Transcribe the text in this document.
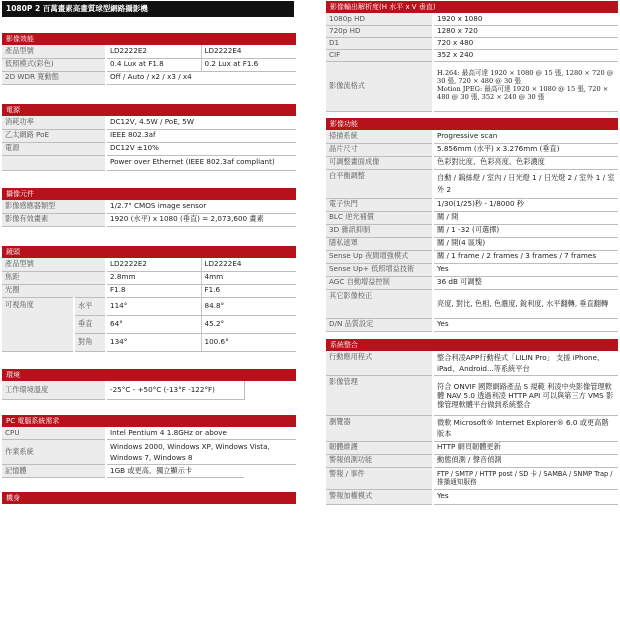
1080P 2 百萬畫素高畫質球型網路攝影機
影像效能
產品型號	LD2222E2	LD2222E4
低照模式(彩色)	0.4 Lux at F1.8	0.2 Lux at F1.6
2D WDR 寬動態	Off / Auto / x2 / x3 / x4	
電源
消耗功率	DC12V, 4.5W / PoE, 5W
乙太網路 PoE	IEEE 802.3af
電源	DC12V ±10%
	Power over Ethernet (IEEE 802.3af compliant)
攝像元件
影像感應器類型	1/2.7" CMOS image sensor
影像有效畫素	1920 (水平) x 1080 (垂直) = 2,073,600 畫素
鏡頭
產品型號		LD2222E2	LD2222E4
焦距		2.8mm	4mm
光圈		F1.8	F1.6
可視角度	水平	114°	84.8°
	垂直	64°	45.2°
	對角	134°	100.6°
環境
工作環境溫度	-25°C - +50°C (-13°F -122°F)	
PC 電腦系統需求
CPU	Intel Pentium 4 1.8GHz or above	
作業系統	Windows 2000, Windows XP, Windows Vista,
Windows 7, Windows 8	

記憶體	1GB 或更高、獨立顯示卡	
機身
影像輸出解析度(H 水平 x V 垂直)
1080p HD	1920 x 1080
720p HD	1280 x 720
D1	720 x 480
CIF	352 x 240
影像流格式	H.264: 最高可達 1920 × 1080 @ 15 張, 1280 × 720 @ 30 張, 720 × 480 @ 30 張
Motion JPEG: 最高可達 1920 × 1080 @ 15 張, 720 × 480 @ 30 張, 352 × 240 @ 30 張
影像功能
掃描系統	Progressive scan
晶片尺寸	5.856mm (水平) x 3.276mm (垂直)
可調整畫面成像	色彩對比度、色彩亮度、色彩濃度
白平衡調整	自動 / 鎢絲燈 / 室內 / 日光燈 1 / 日光燈 2 / 室外 1 / 室外 2
電子快門	1/30(1/25)秒 - 1/8000 秒
BLC 逆光補償	關 / 開
3D 雜訊抑制	關 / 1 -32 (可選擇)
隱私遮罩	關 / 開(4 區塊)
Sense Up 夜間增強模式	關 / 1 frame / 2 frames / 3 frames / 7 frames
Sense Up+ 低照增益技術	Yes
AGC 自動增益控制	36 dB 可調整
其它影像校正	亮度, 對比, 色相, 色濃度, 銳利度, 水平翻轉, 垂直翻轉
D/N 品質設定	Yes
系統整合
行動應用程式	整合利凌APP行動程式「LILIN Pro」 支援 iPhone、iPad、Android...等系統平台
影像管理	符合 ONVIF 國際網路產品 S 規範 利凌中央影像管理軟體 NAV 5.0 透過利凌 HTTP API 可以與第三方 VMS 影像管理軟體平台做到系統整合
瀏覽器	微軟 Microsoft® Internet Explorer® 6.0 或更高階版本
韌體維護	HTTP 網頁韌體更新
警報偵測功能	動態偵測 / 聲音偵測
警報 / 事件	FTP / SMTP / HTTP post / SD 卡 / SAMBA / SNMP Trap / 推播通知服務
警報加權模式	Yes
